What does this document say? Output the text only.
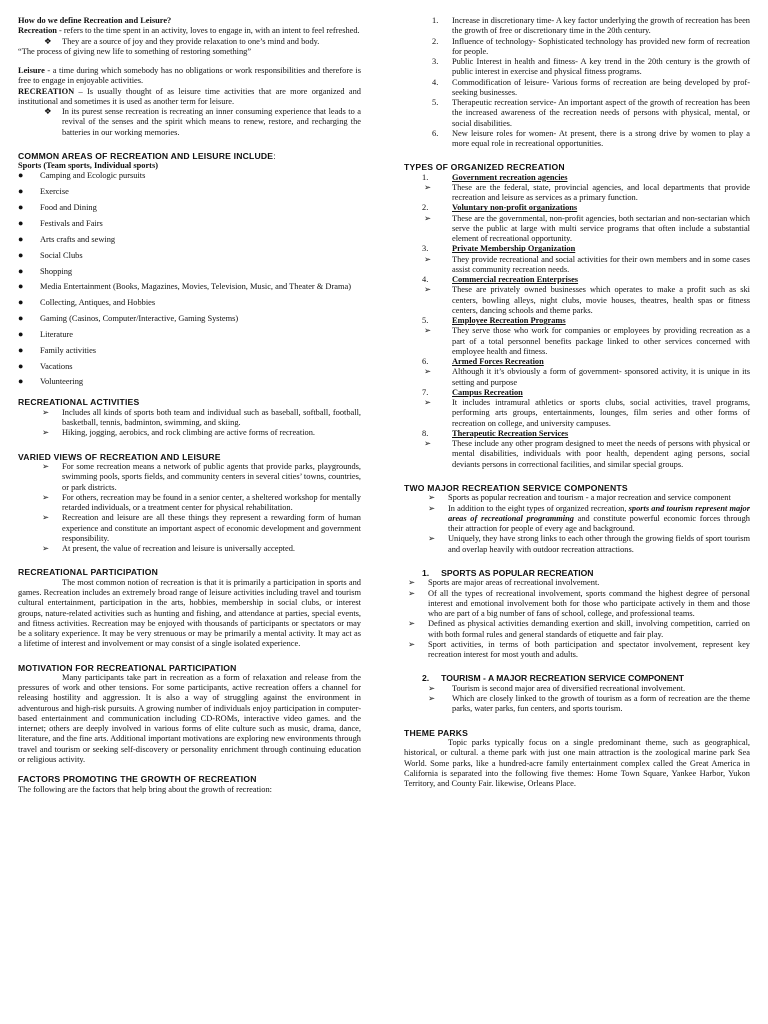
How do we define Recreation and Leisure?

Recreation - refers to the time spent in an activity, loves to engage in, with an intent to feel refreshed.

❖ They are a source of joy and they provide relaxation to one’s mind and body.

“The process of giving new life to something of restoring something”

Leisure - a time during which somebody has no obligations or work responsibilities and therefore is free to engage in enjoyable activities.

RECREATION – Is usually thought of as leisure time activities that are more organized and institutional and sometimes it is used as another term for leisure.

❖ In its purest sense recreation is recreating an inner consuming experience that leads to a revival of the senses and the spirit which means to renew, restore, and recharging the batteries in our working memories.

COMMON AREAS OF RECREATION AND LEISURE INCLUDE:

Sports (Team sports, Individual sports)

● Camping and Ecologic pursuits
● Exercise
● Food and Dining
● Festivals and Fairs
● Arts crafts and sewing
● Social Clubs
● Shopping
● Media Entertainment (Books, Magazines, Movies, Television, Music, and Theater & Drama)
● Collecting, Antiques, and Hobbies
● Gaming (Casinos, Computer/Interactive, Gaming Systems)
● Literature
● Family activities
● Vacations
● Volunteering

RECREATIONAL ACTIVITIES

➢ Includes all kinds of sports both team and individual such as baseball, softball, football, basketball, tennis, badminton, swimming, and skiing.
➢ Hiking, jogging, aerobics, and rock climbing are active forms of recreation.

VARIED VIEWS OF RECREATION AND LEISURE

➢ For some recreation means a network of public agents that provide parks, playgrounds, swimming pools, sports fields, and community centers in several cities’ towns, countries, or park districts.
➢ For others, recreation may be found in a senior center, a sheltered workshop for mentally retarded individuals, or a treatment center for physical rehabilitation.
➢ Recreation and leisure are all these things they represent a rewarding form of human experience and constitute an important aspect of economic development and government responsibility.
➢ At present, the value of recreation and leisure is universally accepted.

RECREATIONAL PARTICIPATION

The most common notion of recreation is that it is primarily a participation in sports and games. Recreation includes an extremely broad range of leisure activities including travel and tourism cultural entertainment, participation in the arts, hobbies, membership in social clubs, or interest groups, nature-related activities such as hunting and fishing, and attendance at parties, special events, and fitness activities. Recreation may be enjoyed with thousands of participants or spectators or may be a solitary experience. It may be very strenuous or may be primarily a mental activity. It may act as a lifetime of interest and involvement or may consist of a single isolated experience.

MOTIVATION FOR RECREATIONAL PARTICIPATION

Many participants take part in recreation as a form of relaxation and release from the pressures of work and other tensions. For some participants, active recreation offers a channel for releasing hostility and aggression. It is also a way of struggling against the environment in adventurous and high-risk pursuits. A growing number of individuals enjoy participation in computer-based entertainment and communication including CD-ROMs, interactive video games. and the internet; others are deeply involved in various forms of elite culture such as music, drama, dance, literature, and the fine arts. Additional important motivations are exploring new environments through travel and tourism or seeking self-discovery or personality enrichment through continuing education or religious activity.

FACTORS PROMOTING THE GROWTH OF RECREATION

The following are the factors that help bring about the growth of recreation:

1. Increase in discretionary time- A key factor underlying the growth of recreation has been the growth of free or discretionary time in the 20th century.
2. Influence of technology- Sophisticated technology has provided new form of recreation for people.
3. Public Interest in health and fitness- A key trend in the 20th century is the growth of public interest in exercise and physical fitness programs.
4. Commodification of leisure- Various forms of recreation are being developed by prof-seeking businesses.
5. Therapeutic recreation service- An important aspect of the growth of recreation has been the increased awareness of the recreation needs of persons with physical, mental, or social disabilities.
6. New leisure roles for women- At present, there is a strong drive by women to play a more equal role in recreational opportunities.

TYPES OF ORGANIZED RECREATION

1.	Government recreation agencies
➢ These are the federal, state, provincial agencies, and local departments that provide recreation and leisure as services as a primary function.
2.	Voluntary non-profit organizations
➢ These are the governmental, non-profit agencies, both sectarian and non-sectarian which serve the public at large with multi service programs that often include a substantial element of recreational opportunity.
3.	Private Membership Organization
➢ They provide recreational and social activities for their own members and in some cases assist community recreation needs.
4.	Commercial recreation Enterprises
➢ These are privately owned businesses which operates to make a profit such as ski centers, bowling alleys, night clubs, movie houses, theatres, health spas or fitness centers, dancing schools and theme parks.
5.	Employee Recreation Programs
➢ They serve those who work for companies or employees by providing recreation as a part of a total personnel benefits package linked to other services concerned with employee health and fitness.
6.	Armed Forces Recreation
➢ Although it it’s obviously a form of government- sponsored activity, it is unique in its setting and purpose
7.	Campus Recreation
➢ It includes intramural athletics or sports clubs, social activities, travel programs, performing arts groups, entertainments, lounges, film series and other forms of recreation on college, and university campuses.
8.	Therapeutic Recreation Services
➢ These include any other program designed to meet the needs of persons with physical or mental disabilities, individuals with poor health, dependent aging persons, social deviants persons in correctional facilities, and similar special groups.

TWO MAJOR RECREATION SERVICE COMPONENTS

➢ Sports as popular recreation and tourism - a major recreation and service component
➢ In addition to the eight types of organized recreation, sports and tourism represent major areas of recreational programming and constitute powerful economic forces through their attraction for people of every age and background.
➢ Uniquely, they have strong links to each other through the growing fields of sport tourism and overlap heavily with outdoor recreation attractions.

1. SPORTS AS POPULAR RECREATION

➢ Sports are major areas of recreational involvement.
➢ Of all the types of recreational involvement, sports command the highest degree of personal interest and emotional involvement both for those who participate actively in them and those who are part of a big number of fans of school, college, and professional teams.
➢ Defined as physical activities demanding exertion and skill, involving competition, carried on with both formal rules and general standards of etiquette and fair play.
➢ Sport activities, in terms of both participation and spectator involvement, represent key recreation interest for most youth and adults.

2. TOURISM - A MAJOR RECREATION SERVICE COMPONENT

➢ Tourism is second major area of diversified recreational involvement.
➢ Which are closely linked to the growth of tourism as a form of recreation are the theme parks, water parks, fun centers, and sports tourism.

THEME PARKS

Topic parks typically focus on a single predominant theme, such as geographical, historical, or cultural. a theme park with just one main attraction is the zoological marine park Sea World. Some parks, like a hundred-acre family entertainment complex called the Great America in California is separated into the following five themes: Home Town Square, Yankee Harbor, Yukon Territory, and County Fair. likewise, Orleans Place.
